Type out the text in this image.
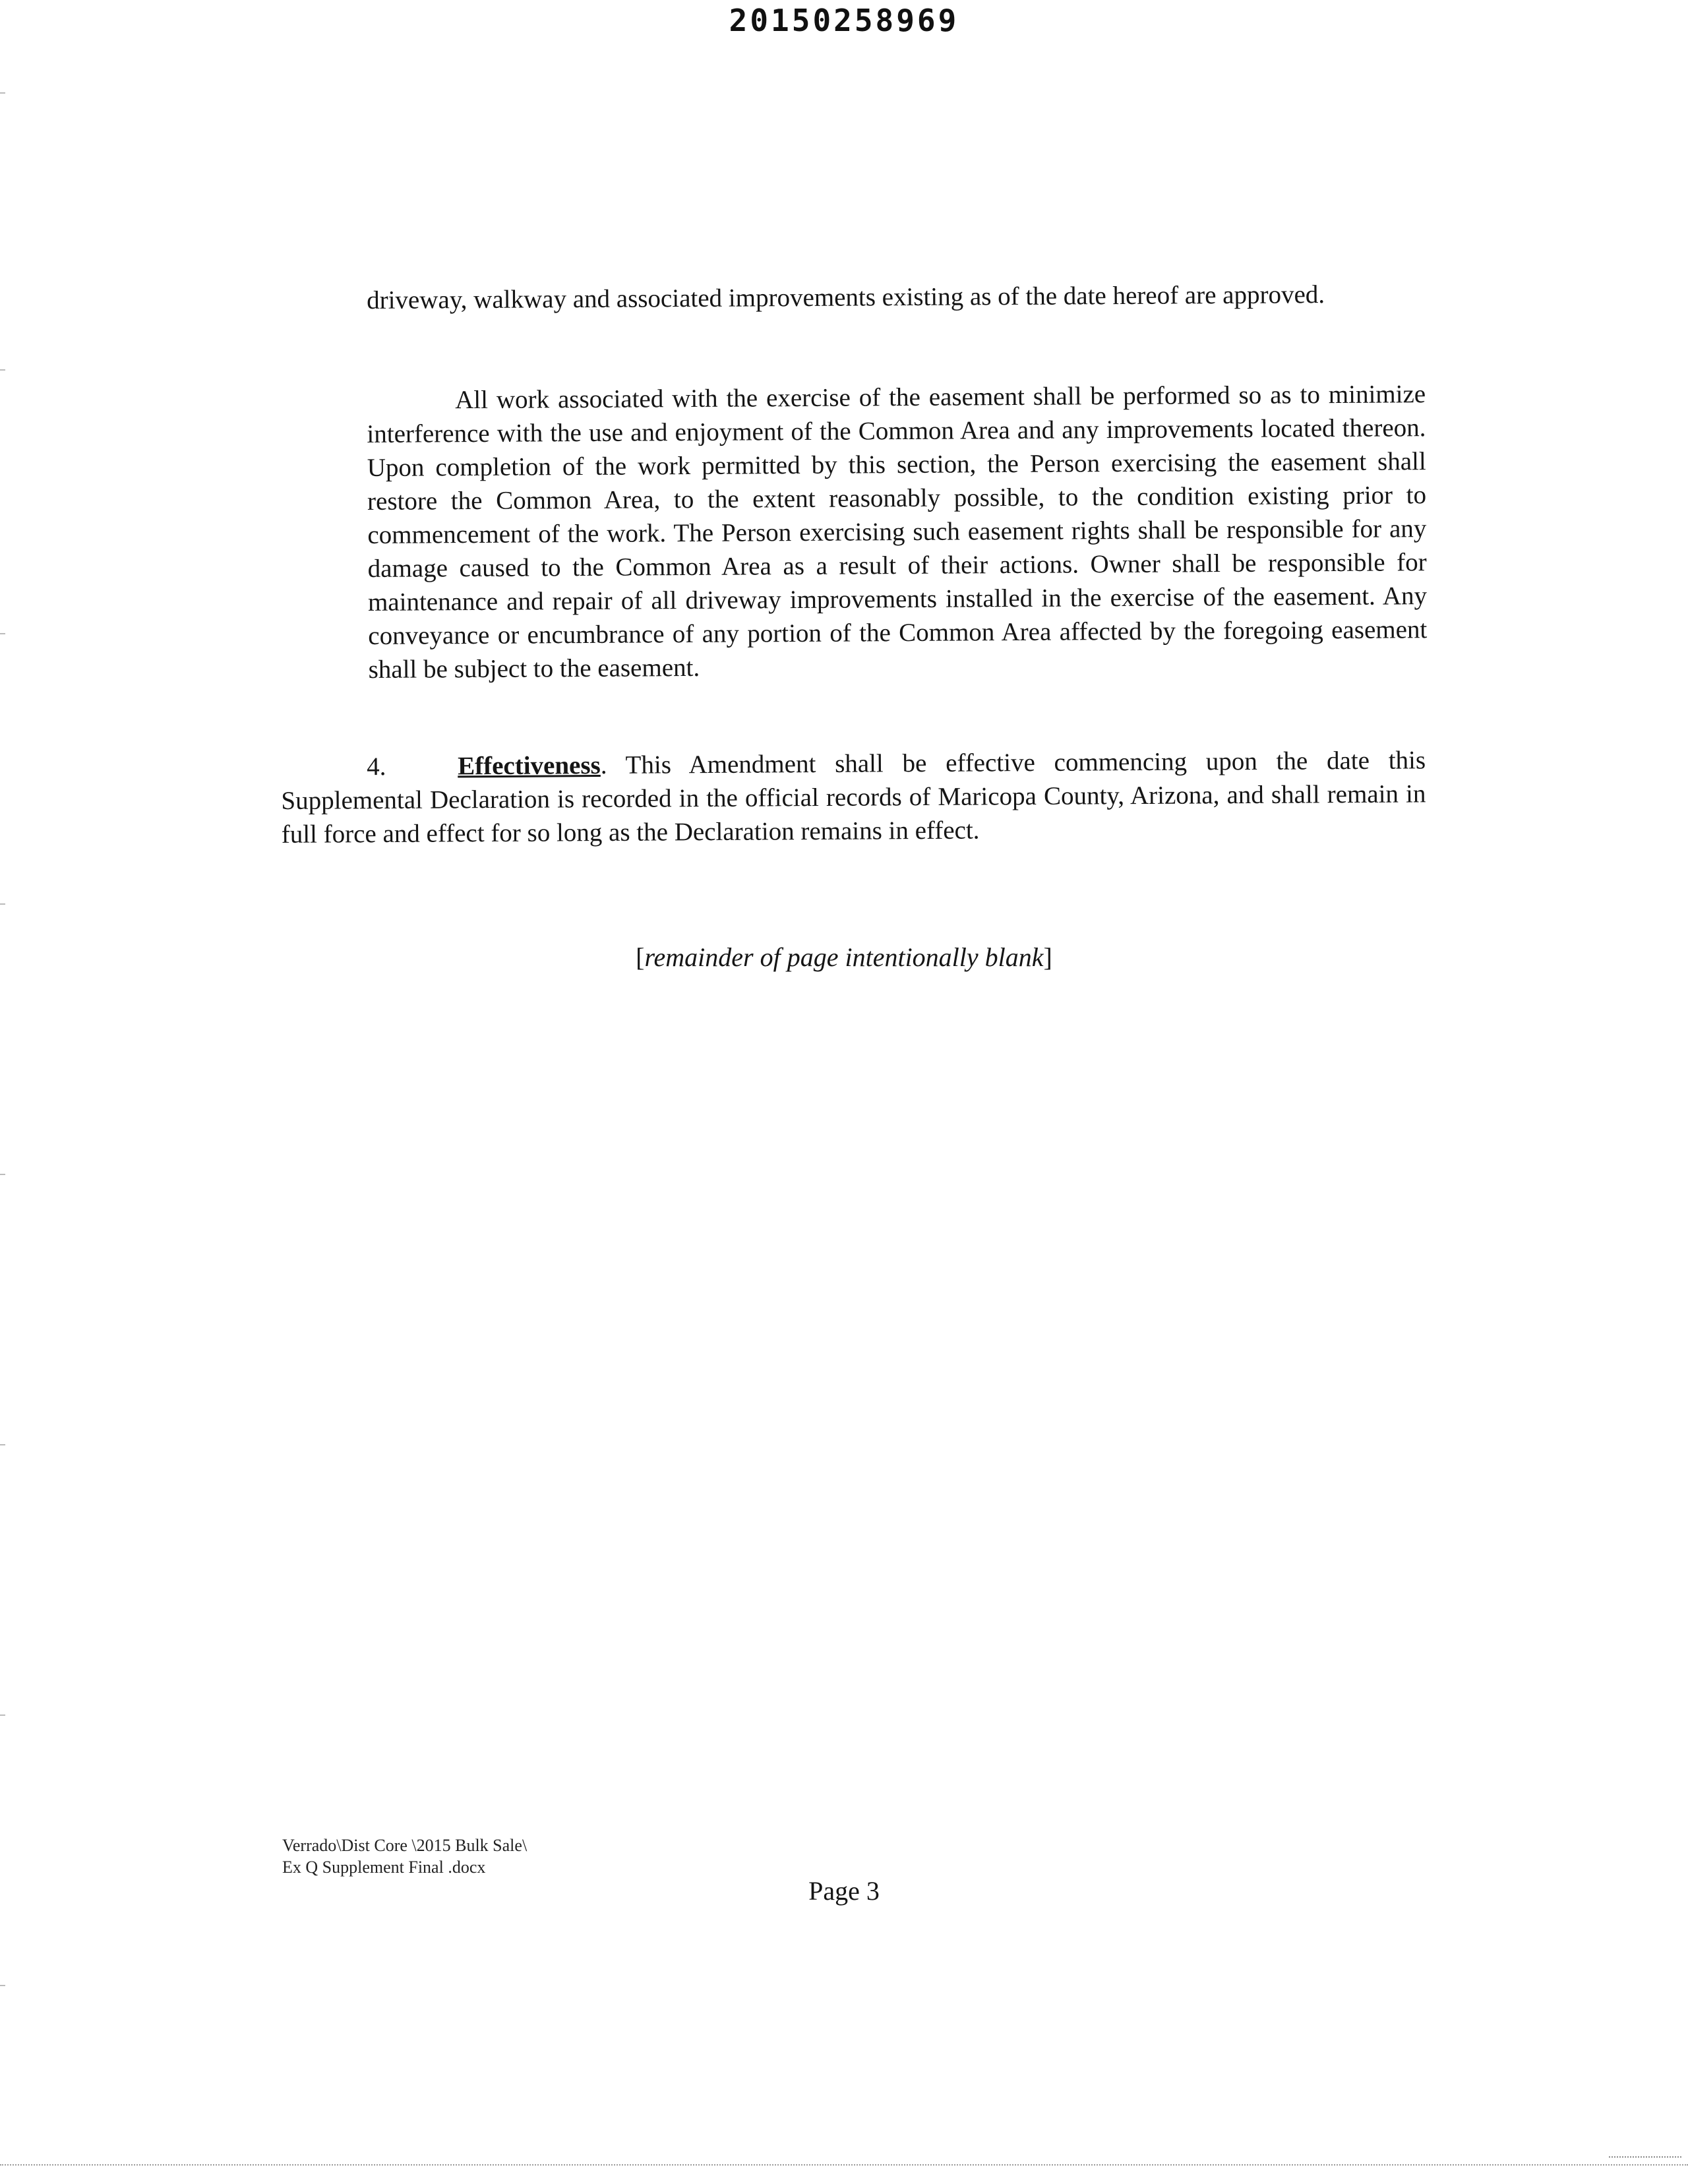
20150258969

driveway, walkway and associated improvements existing as of the date hereof are approved.

All work associated with the exercise of the easement shall be performed so as to minimize interference with the use and enjoyment of the Common Area and any improvements located thereon. Upon completion of the work permitted by this section, the Person exercising the easement shall restore the Common Area, to the extent reasonably possible, to the condition existing prior to commencement of the work. The Person exercising such easement rights shall be responsible for any damage caused to the Common Area as a result of their actions. Owner shall be responsible for maintenance and repair of all driveway improvements installed in the exercise of the easement. Any conveyance or encumbrance of any portion of the Common Area affected by the foregoing easement shall be subject to the easement.

4.	Effectiveness. This Amendment shall be effective commencing upon the date this Supplemental Declaration is recorded in the official records of Maricopa County, Arizona, and shall remain in full force and effect for so long as the Declaration remains in effect.

[remainder of page intentionally blank]
Verrado\Dist Core \2015 Bulk Sale\
Ex Q Supplement Final .docx
Page 3
